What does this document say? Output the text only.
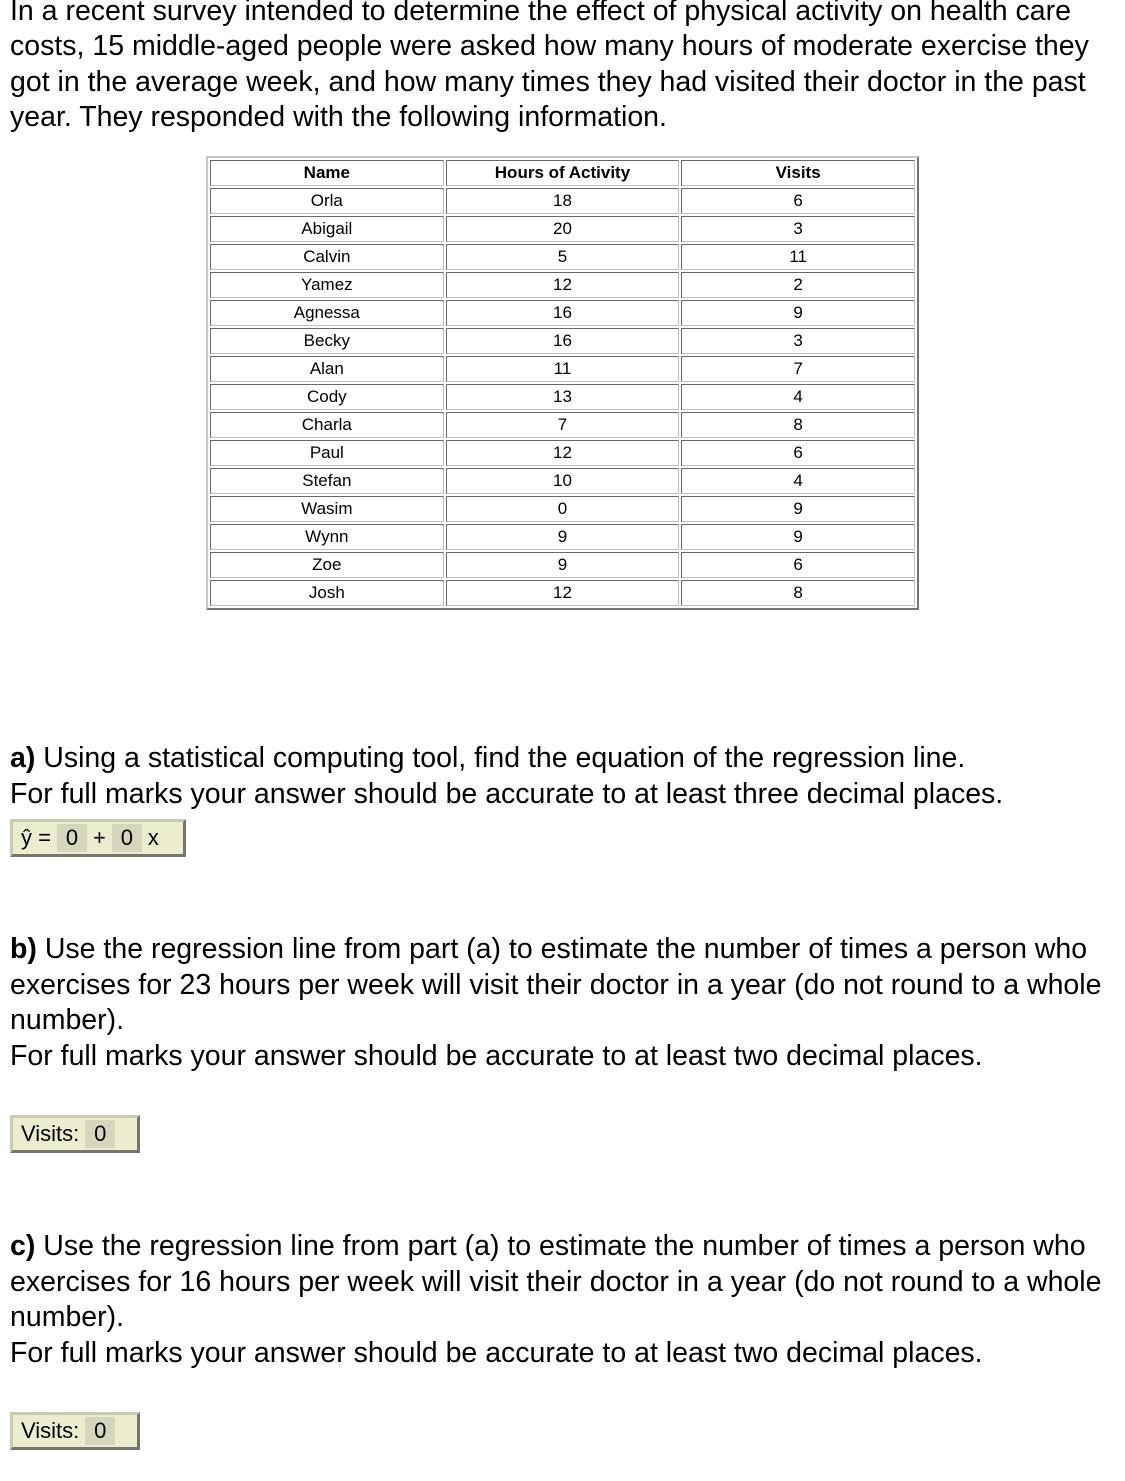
In a recent survey intended to determine the effect of physical activity on health care costs, 15 middle-aged people were asked how many hours of moderate exercise they got in the average week, and how many times they had visited their doctor in the past year. They responded with the following information.

Name	Hours of Activity	Visits
Orla	18	6
Abigail	20	3
Calvin	5	11
Yamez	12	2
Agnessa	16	9
Becky	16	3
Alan	11	7
Cody	13	4
Charla	7	8
Paul	12	6
Stefan	10	4
Wasim	0	9
Wynn	9	9
Zoe	9	6
Josh	12	8
a) Using a statistical computing tool, find the equation of the regression line.
For full marks your answer should be accurate to at least three decimal places.
ŷ = 0 + 0 x
b) Use the regression line from part (a) to estimate the number of times a person who exercises for 23 hours per week will visit their doctor in a year (do not round to a whole number).
For full marks your answer should be accurate to at least two decimal places.
Visits: 0
c) Use the regression line from part (a) to estimate the number of times a person who exercises for 16 hours per week will visit their doctor in a year (do not round to a whole number).
For full marks your answer should be accurate to at least two decimal places.
Visits: 0
